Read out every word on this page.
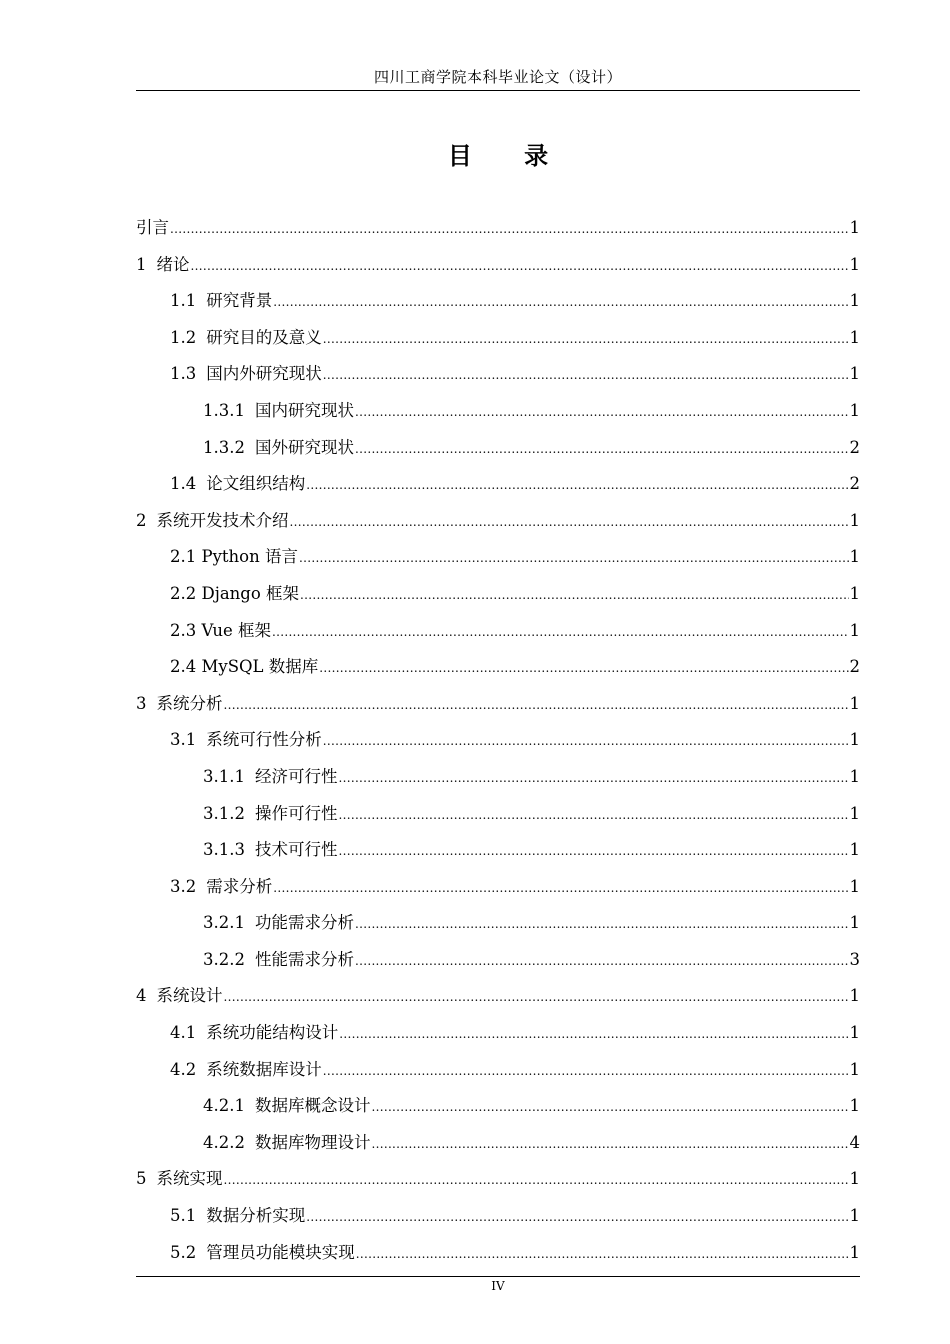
四川工商学院本科毕业论文（设计）
目 录
引言 .....	1
1 绪论 .....	1
1.1 研究背景 .....	1
1.2 研究目的及意义 .....	1
1.3 国内外研究现状 .....	1
1.3.1 国内研究现状 .....	1
1.3.2 国外研究现状 .....	2
1.4 论文组织结构 .....	2
2 系统开发技术介绍 .....	1
2.1 Python 语言 .....	1
2.2 Django 框架 .....	1
2.3 Vue 框架 .....	1
2.4 MySQL 数据库 .....	2
3 系统分析 .....	1
3.1 系统可行性分析 .....	1
3.1.1 经济可行性 .....	1
3.1.2 操作可行性 .....	1
3.1.3 技术可行性 .....	1
3.2 需求分析 .....	1
3.2.1 功能需求分析 .....	1
3.2.2 性能需求分析 .....	3
4 系统设计 .....	1
4.1 系统功能结构设计 .....	1
4.2 系统数据库设计 .....	1
4.2.1 数据库概念设计 .....	1
4.2.2 数据库物理设计 .....	4
5 系统实现 .....	1
5.1 数据分析实现 .....	1
5.2 管理员功能模块实现 .....	1
IV
